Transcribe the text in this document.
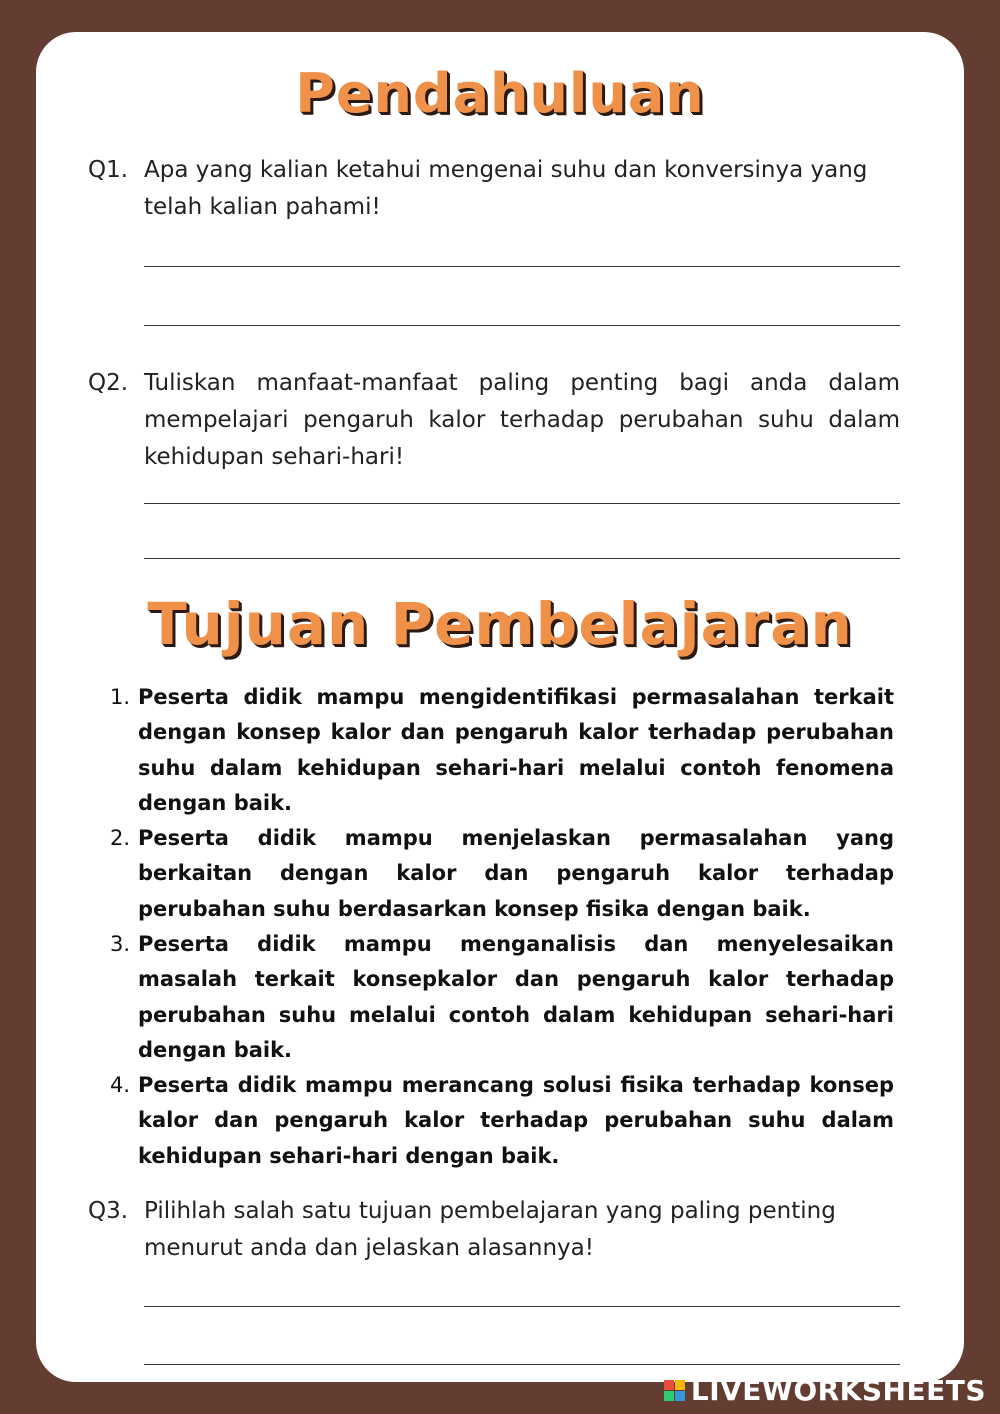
Pendahuluan
Q1. Apa yang kalian ketahui mengenai suhu dan konversinya yang telah kalian pahami!
Q2. Tuliskan manfaat-manfaat paling penting bagi anda dalam mempelajari pengaruh kalor terhadap perubahan suhu dalam kehidupan sehari-hari!
Tujuan Pembelajaran
1. Peserta didik mampu mengidentifikasi permasalahan terkait dengan konsep kalor dan pengaruh kalor terhadap perubahan suhu dalam kehidupan sehari-hari melalui contoh fenomena dengan baik.
2. Peserta didik mampu menjelaskan permasalahan yang berkaitan dengan kalor dan pengaruh kalor terhadap perubahan suhu berdasarkan konsep fisika dengan baik.
3. Peserta didik mampu menganalisis dan menyelesaikan masalah terkait konsepkalor dan pengaruh kalor terhadap perubahan suhu melalui contoh dalam kehidupan sehari-hari dengan baik.
4. Peserta didik mampu merancang solusi fisika terhadap konsep kalor dan pengaruh kalor terhadap perubahan suhu dalam kehidupan sehari-hari dengan baik.
Q3. Pilihlah salah satu tujuan pembelajaran yang paling penting menurut anda dan jelaskan alasannya!
LIVEWORKSHEETS
